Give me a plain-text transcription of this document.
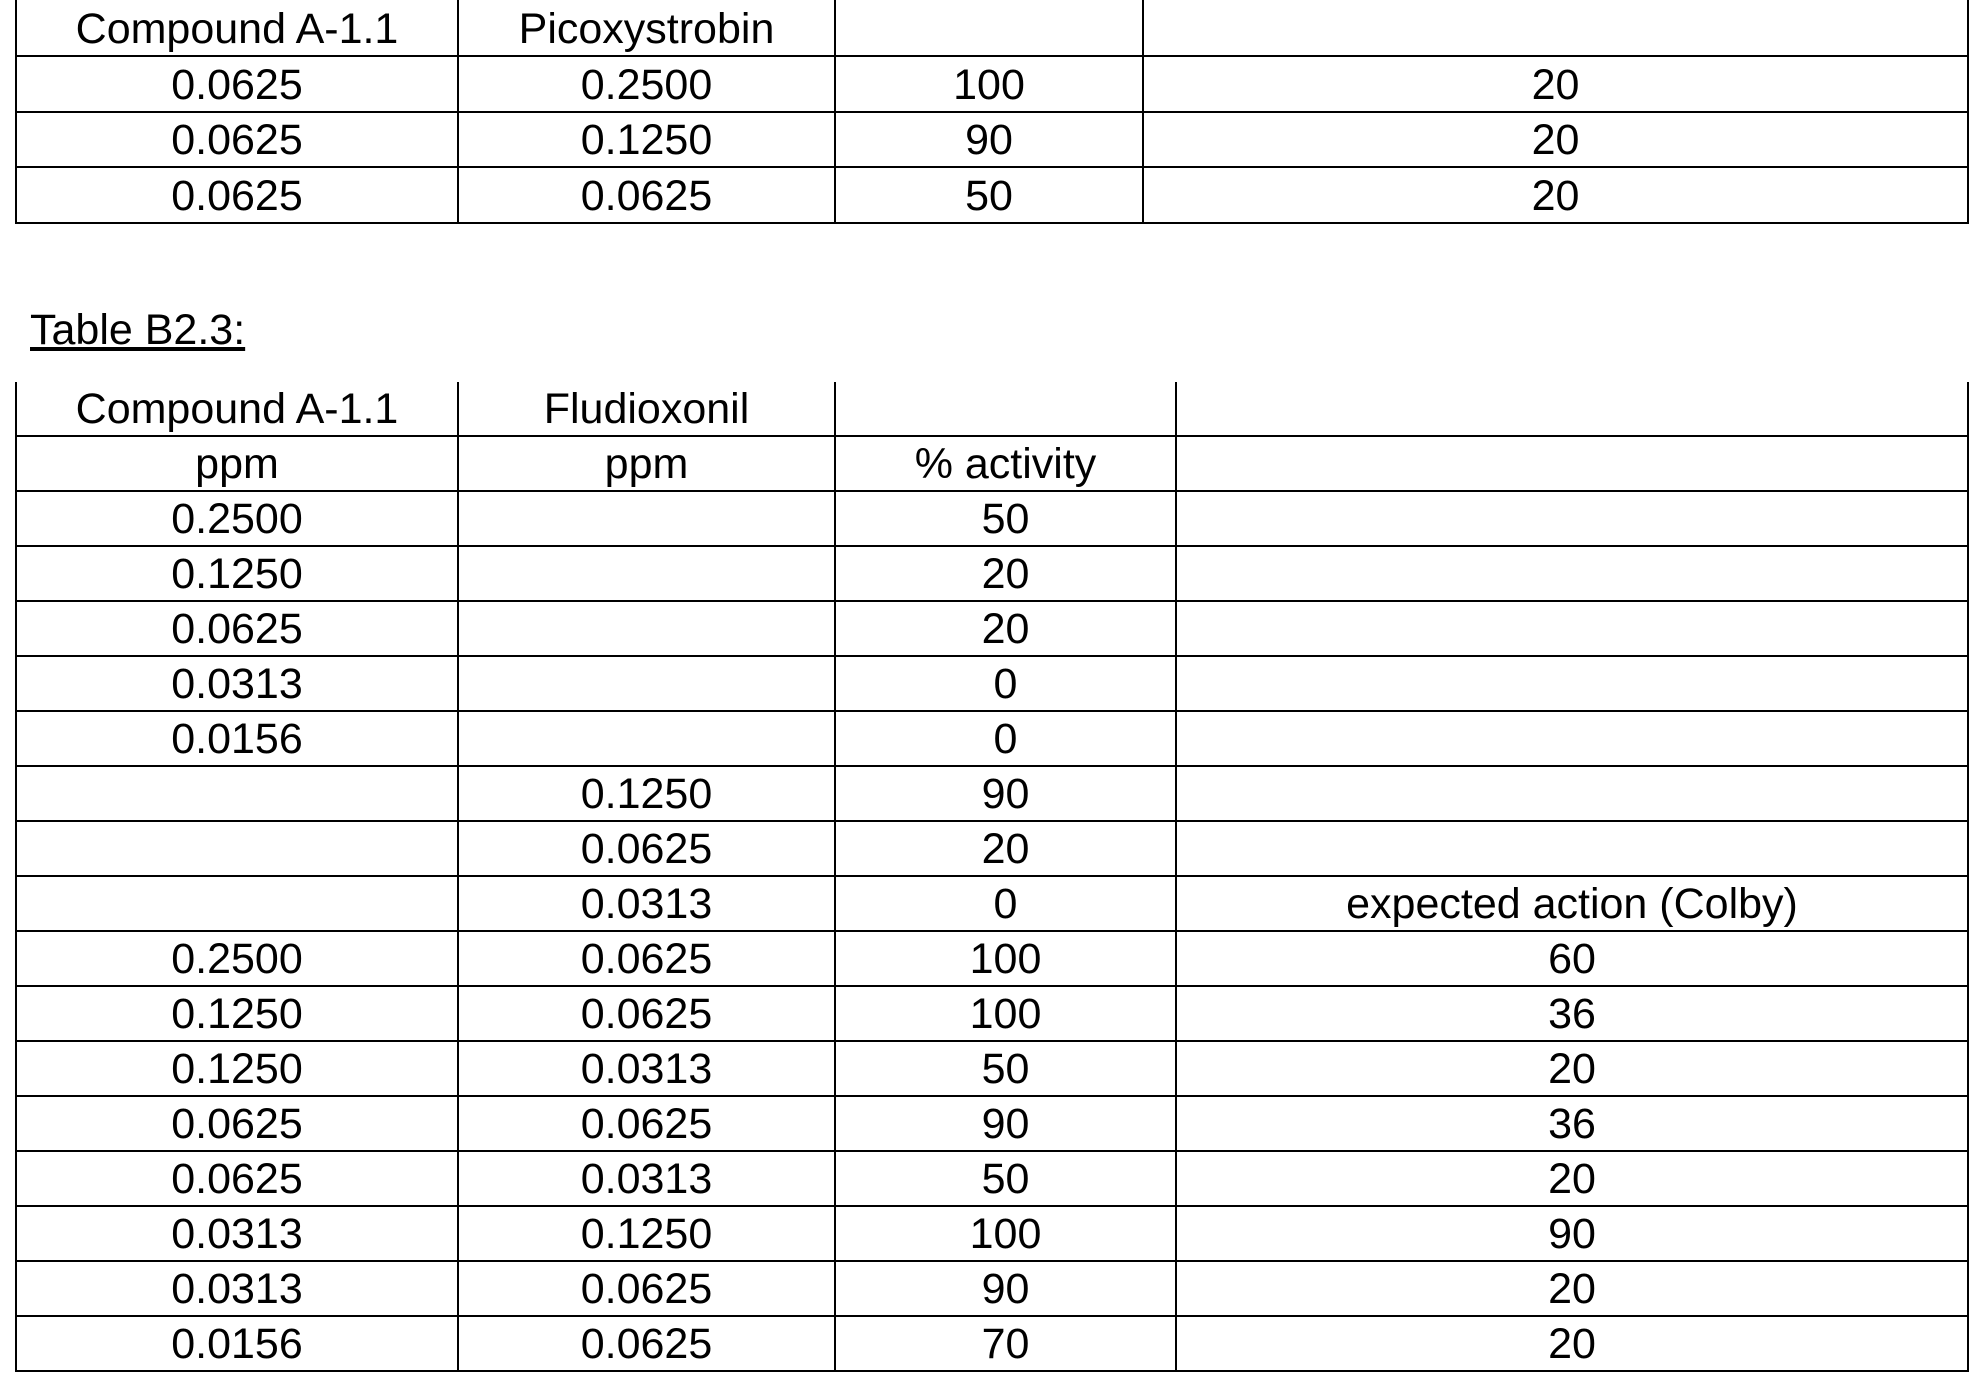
Compound A-1.1	Picoxystrobin		
0.0625	0.2500	100	20
0.0625	0.1250	90	20
0.0625	0.0625	50	20
Table B2.3:
Compound A-1.1	Fludioxonil		
ppm	ppm	% activity	
0.2500		50	
0.1250		20	
0.0625		20	
0.0313		0	
0.0156		0	
	0.1250	90	
	0.0625	20	
	0.0313	0	expected action (Colby)
0.2500	0.0625	100	60
0.1250	0.0625	100	36
0.1250	0.0313	50	20
0.0625	0.0625	90	36
0.0625	0.0313	50	20
0.0313	0.1250	100	90
0.0313	0.0625	90	20
0.0156	0.0625	70	20
